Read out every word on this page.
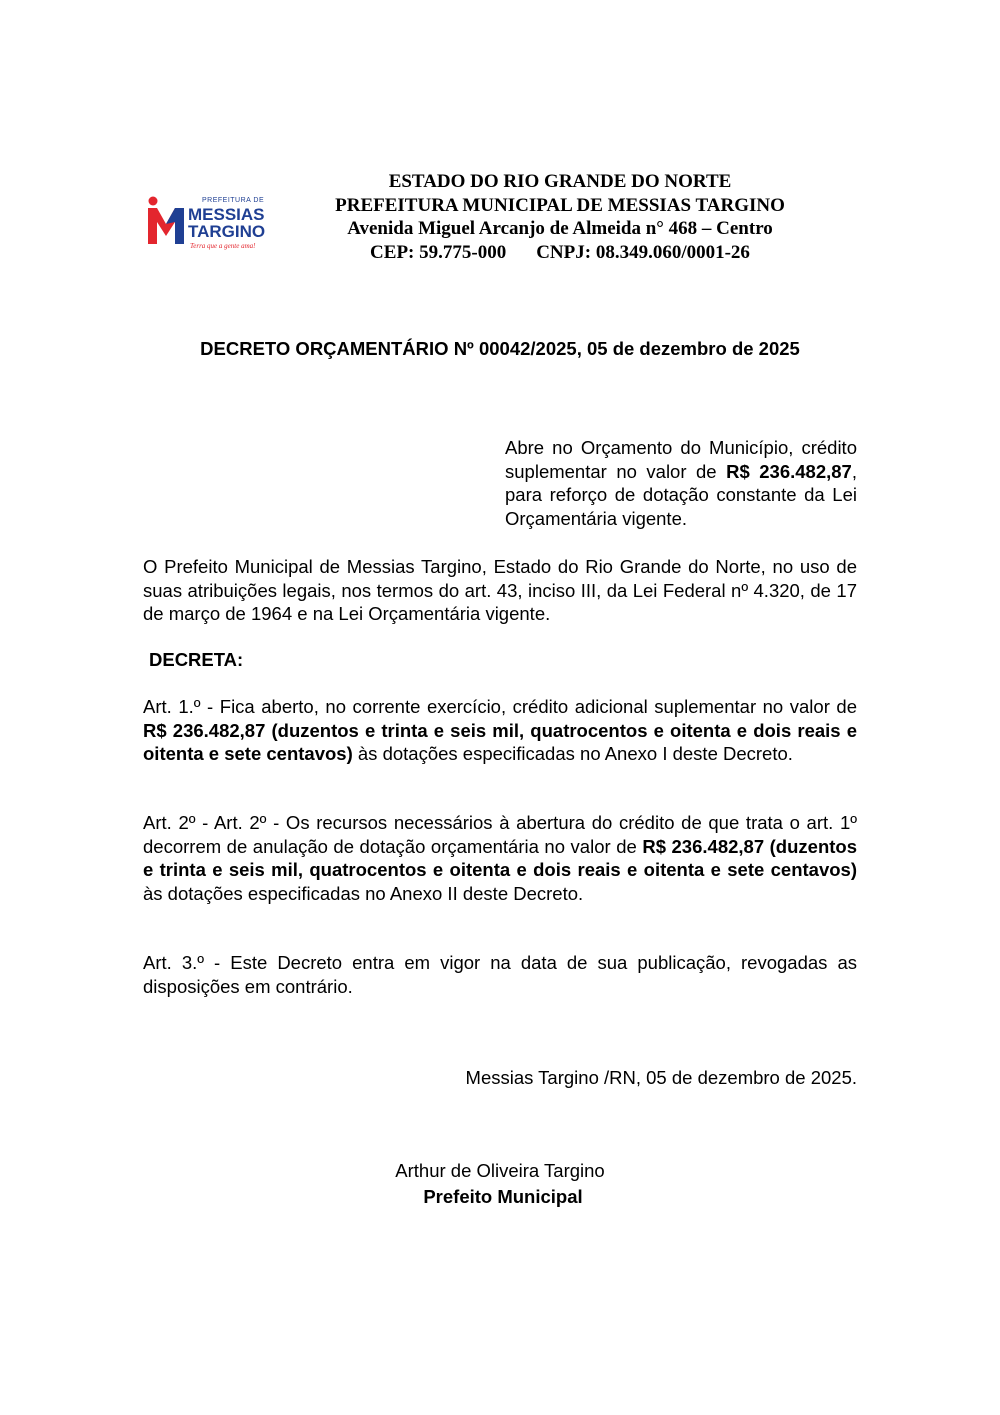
PREFEITURA DE
MESSIAS
TARGINO
Terra que a gente ama!
ESTADO DO RIO GRANDE DO NORTE
PREFEITURA MUNICIPAL DE MESSIAS TARGINO
Avenida Miguel Arcanjo de Almeida n° 468 – Centro
CEP: 59.775-000 CNPJ: 08.349.060/0001-26
DECRETO ORÇAMENTÁRIO Nº 00042/2025, 05 de dezembro de 2025
Abre no Orçamento do Município, crédito suplementar no valor de R$ 236.482,87, para reforço de dotação constante da Lei Orçamentária vigente.
O Prefeito Municipal de Messias Targino, Estado do Rio Grande do Norte, no uso de suas atribuições legais, nos termos do art. 43, inciso III, da Lei Federal nº 4.320, de 17 de março de 1964 e na Lei Orçamentária vigente.
DECRETA:
Art. 1.º - Fica aberto, no corrente exercício, crédito adicional suplementar no valor de R$ 236.482,87 (duzentos e trinta e seis mil, quatrocentos e oitenta e dois reais e oitenta e sete centavos) às dotações especificadas no Anexo I deste Decreto.
Art. 2º - Art. 2º - Os recursos necessários à abertura do crédito de que trata o art. 1º decorrem de anulação de dotação orçamentária no valor de R$ 236.482,87 (duzentos e trinta e seis mil, quatrocentos e oitenta e dois reais e oitenta e sete centavos) às dotações especificadas no Anexo II deste Decreto.
Art. 3.º - Este Decreto entra em vigor na data de sua publicação, revogadas as disposições em contrário.
Messias Targino /RN, 05 de dezembro de 2025.
Arthur de Oliveira Targino
Prefeito Municipal
